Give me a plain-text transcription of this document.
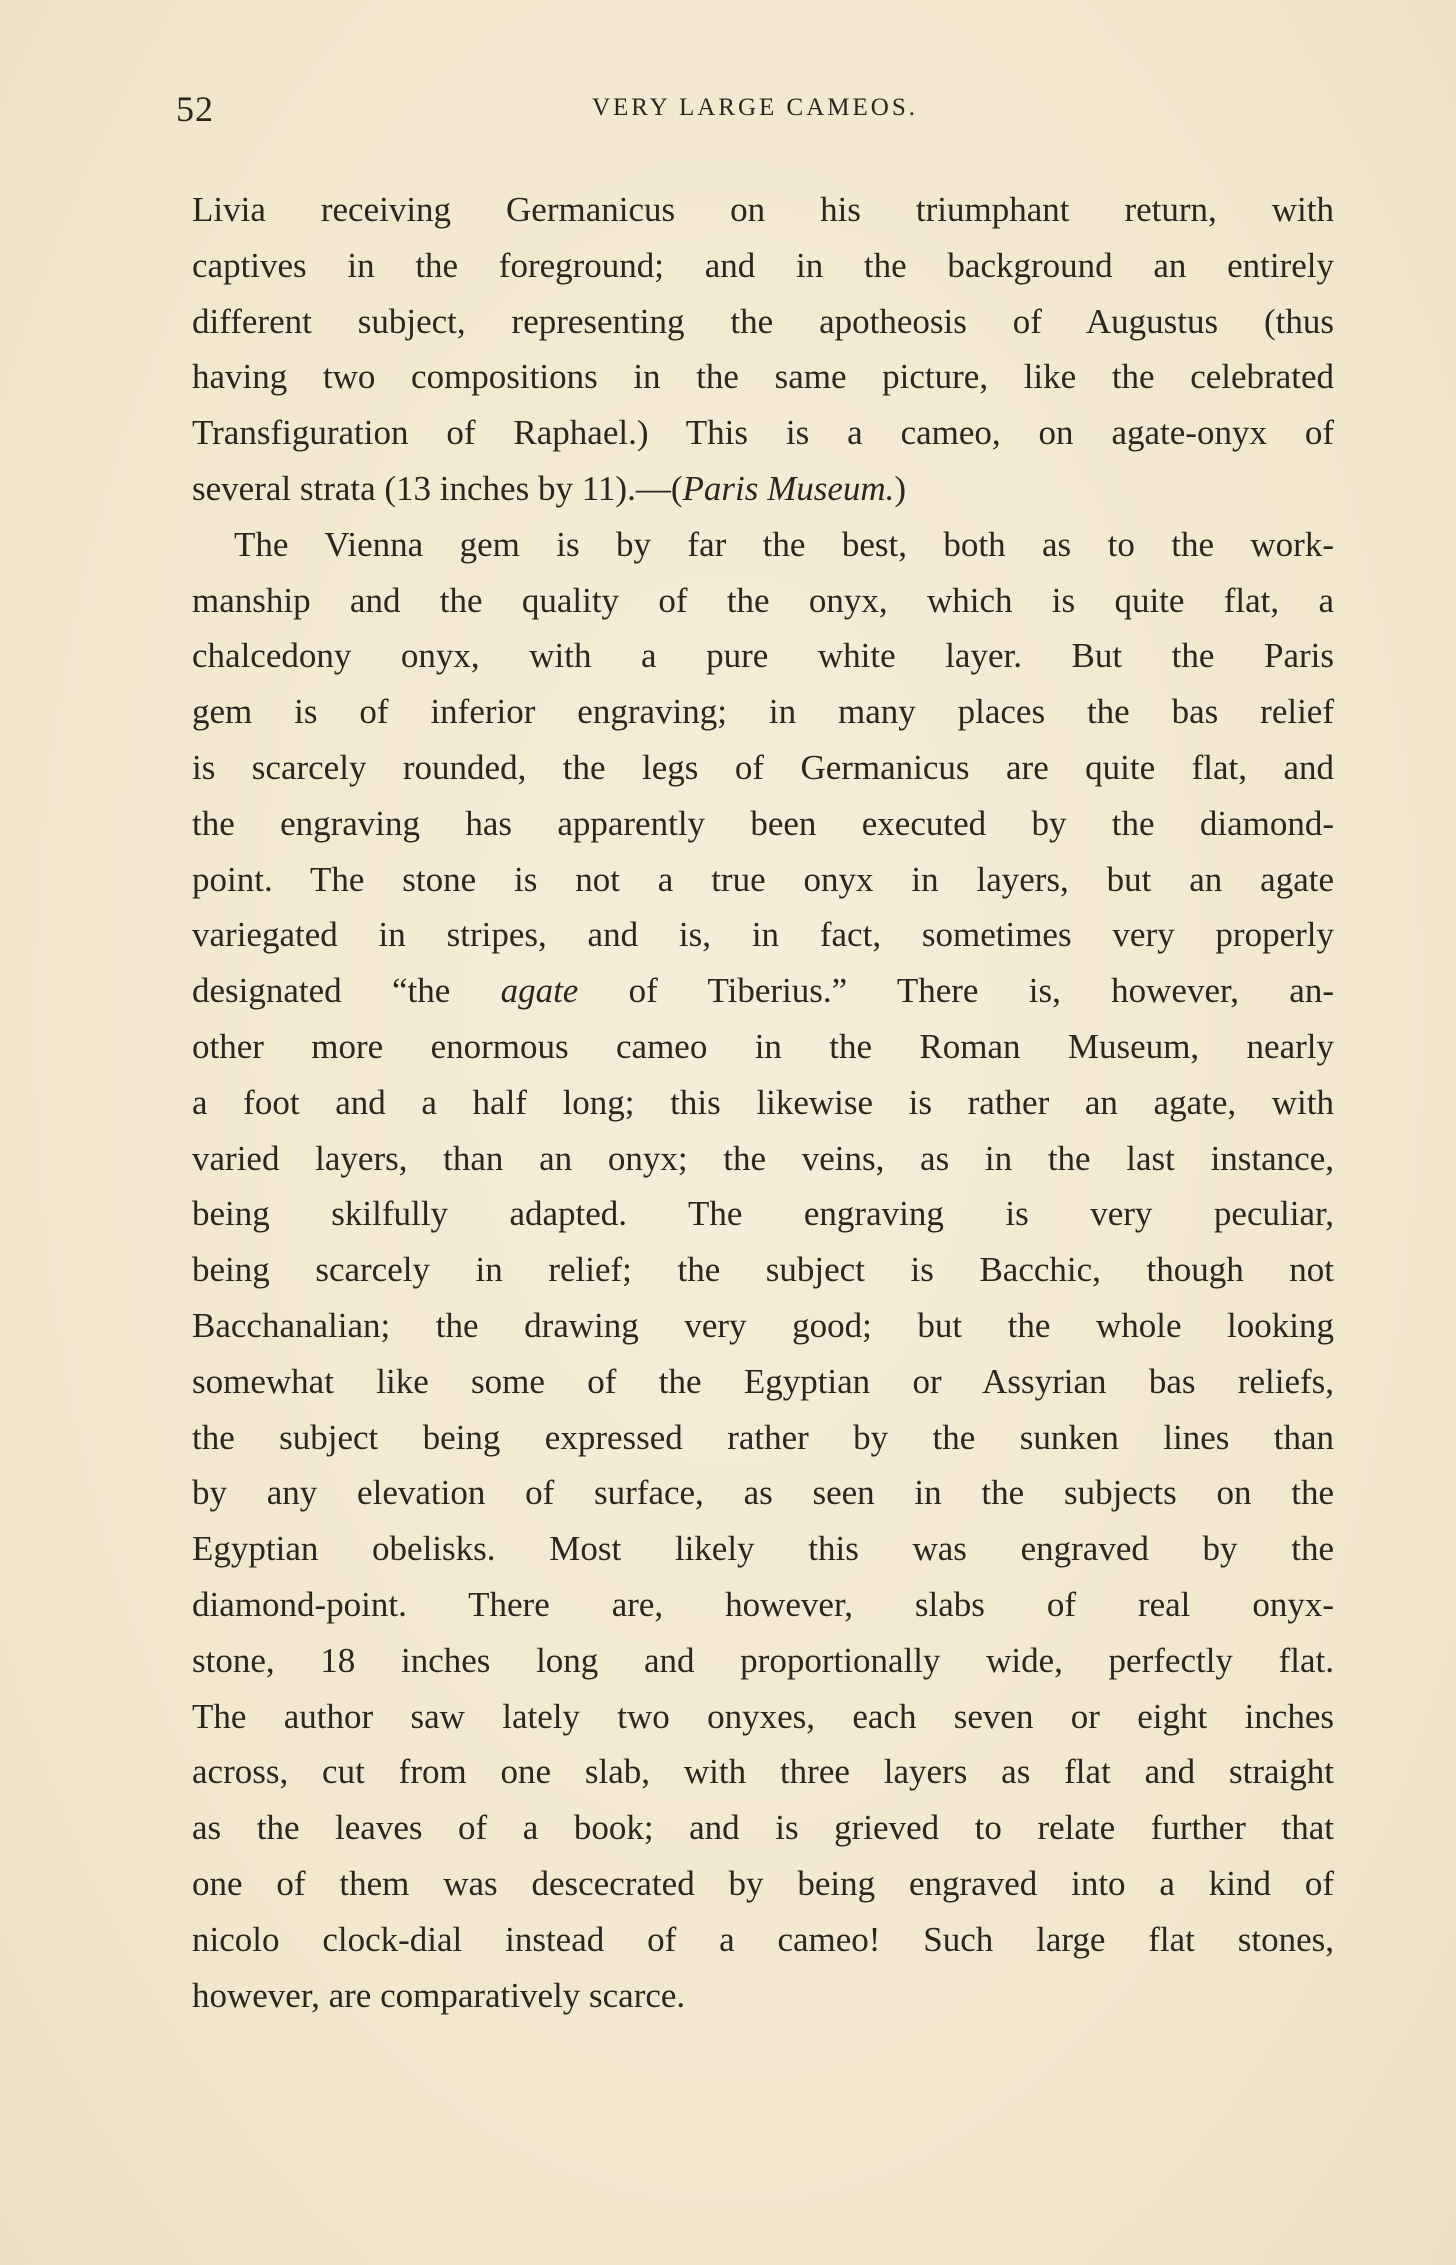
52	VERY LARGE CAMEOS.
Livia receiving Germanicus on his triumphant return, with
captives in the foreground; and in the background an entirely
different subject, representing the apotheosis of Augustus (thus
having two compositions in the same picture, like the celebrated
Transfiguration of Raphael.) This is a cameo, on agate-onyx of
several strata (13 inches by 11).—(Paris Museum.)
The Vienna gem is by far the best, both as to the work-
manship and the quality of the onyx, which is quite flat, a
chalcedony onyx, with a pure white layer. But the Paris
gem is of inferior engraving; in many places the bas relief
is scarcely rounded, the legs of Germanicus are quite flat, and
the engraving has apparently been executed by the diamond-
point. The stone is not a true onyx in layers, but an agate
variegated in stripes, and is, in fact, sometimes very properly
designated “the agate of Tiberius.” There is, however, an-
other more enormous cameo in the Roman Museum, nearly
a foot and a half long; this likewise is rather an agate, with
varied layers, than an onyx; the veins, as in the last instance,
being skilfully adapted. The engraving is very peculiar,
being scarcely in relief; the subject is Bacchic, though not
Bacchanalian; the drawing very good; but the whole looking
somewhat like some of the Egyptian or Assyrian bas reliefs,
the subject being expressed rather by the sunken lines than
by any elevation of surface, as seen in the subjects on the
Egyptian obelisks. Most likely this was engraved by the
diamond-point. There are, however, slabs of real onyx-
stone, 18 inches long and proportionally wide, perfectly flat.
The author saw lately two onyxes, each seven or eight inches
across, cut from one slab, with three layers as flat and straight
as the leaves of a book; and is grieved to relate further that
one of them was descecrated by being engraved into a kind of
nicolo clock-dial instead of a cameo! Such large flat stones,
however, are comparatively scarce.
